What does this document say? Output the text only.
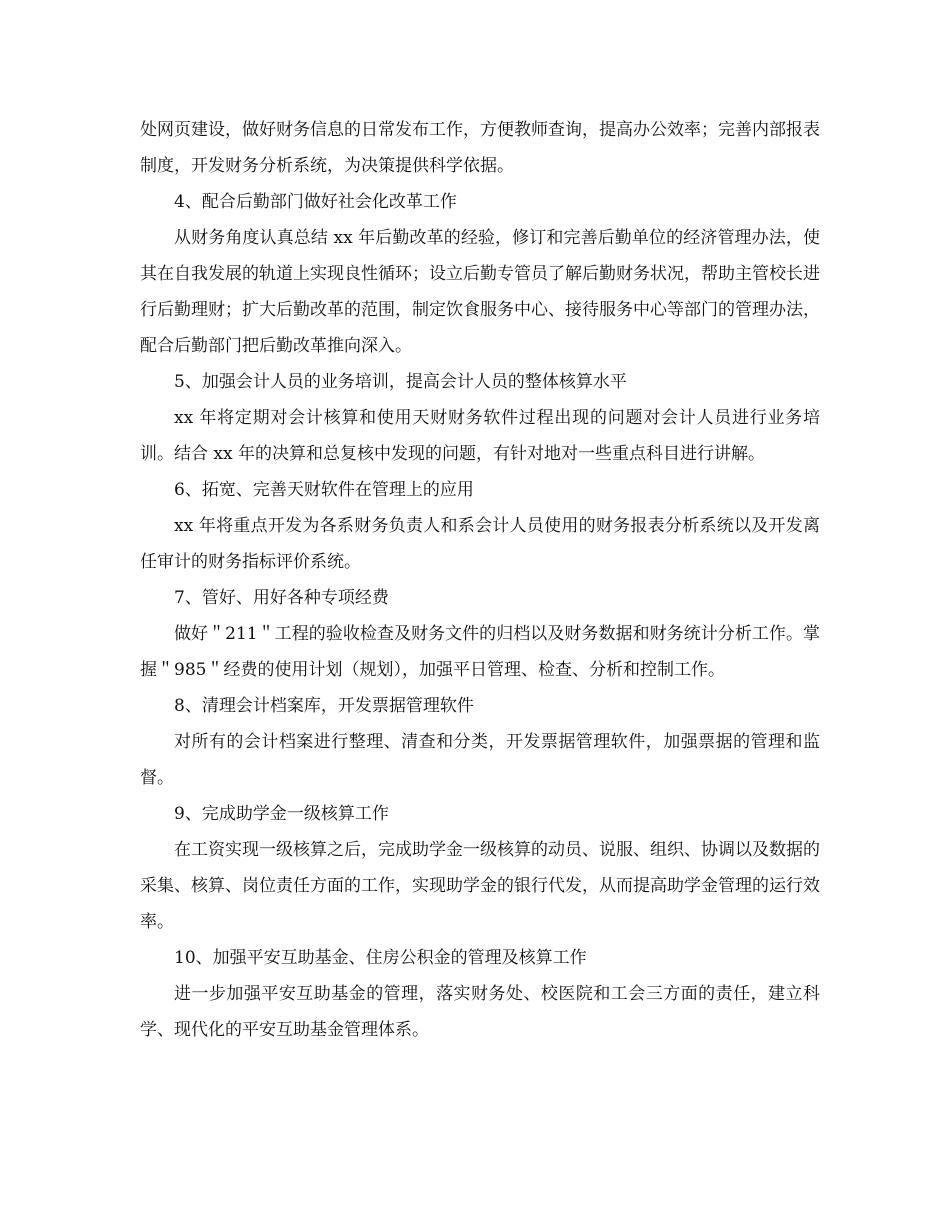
处网页建设，做好财务信息的日常发布工作，方便教师查询，提高办公效率；完善内部报表制度，开发财务分析系统，为决策提供科学依据。

4、配合后勤部门做好社会化改革工作

从财务角度认真总结 xx 年后勤改革的经验，修订和完善后勤单位的经济管理办法，使其在自我发展的轨道上实现良性循环；设立后勤专管员了解后勤财务状况，帮助主管校长进行后勤理财；扩大后勤改革的范围，制定饮食服务中心、接待服务中心等部门的管理办法，配合后勤部门把后勤改革推向深入。

5、加强会计人员的业务培训，提高会计人员的整体核算水平

xx 年将定期对会计核算和使用天财财务软件过程出现的问题对会计人员进行业务培训。结合 xx 年的决算和总复核中发现的问题，有针对地对一些重点科目进行讲解。

6、拓宽、完善天财软件在管理上的应用

xx 年将重点开发为各系财务负责人和系会计人员使用的财务报表分析系统以及开发离任审计的财务指标评价系统。

7、管好、用好各种专项经费

做好＂211＂工程的验收检查及财务文件的归档以及财务数据和财务统计分析工作。掌握＂985＂经费的使用计划（规划），加强平日管理、检查、分析和控制工作。

8、清理会计档案库，开发票据管理软件

对所有的会计档案进行整理、清查和分类，开发票据管理软件，加强票据的管理和监督。

9、完成助学金一级核算工作

在工资实现一级核算之后，完成助学金一级核算的动员、说服、组织、协调以及数据的采集、核算、岗位责任方面的工作，实现助学金的银行代发，从而提高助学金管理的运行效率。

10、加强平安互助基金、住房公积金的管理及核算工作

进一步加强平安互助基金的管理，落实财务处、校医院和工会三方面的责任，建立科学、现代化的平安互助基金管理体系。
